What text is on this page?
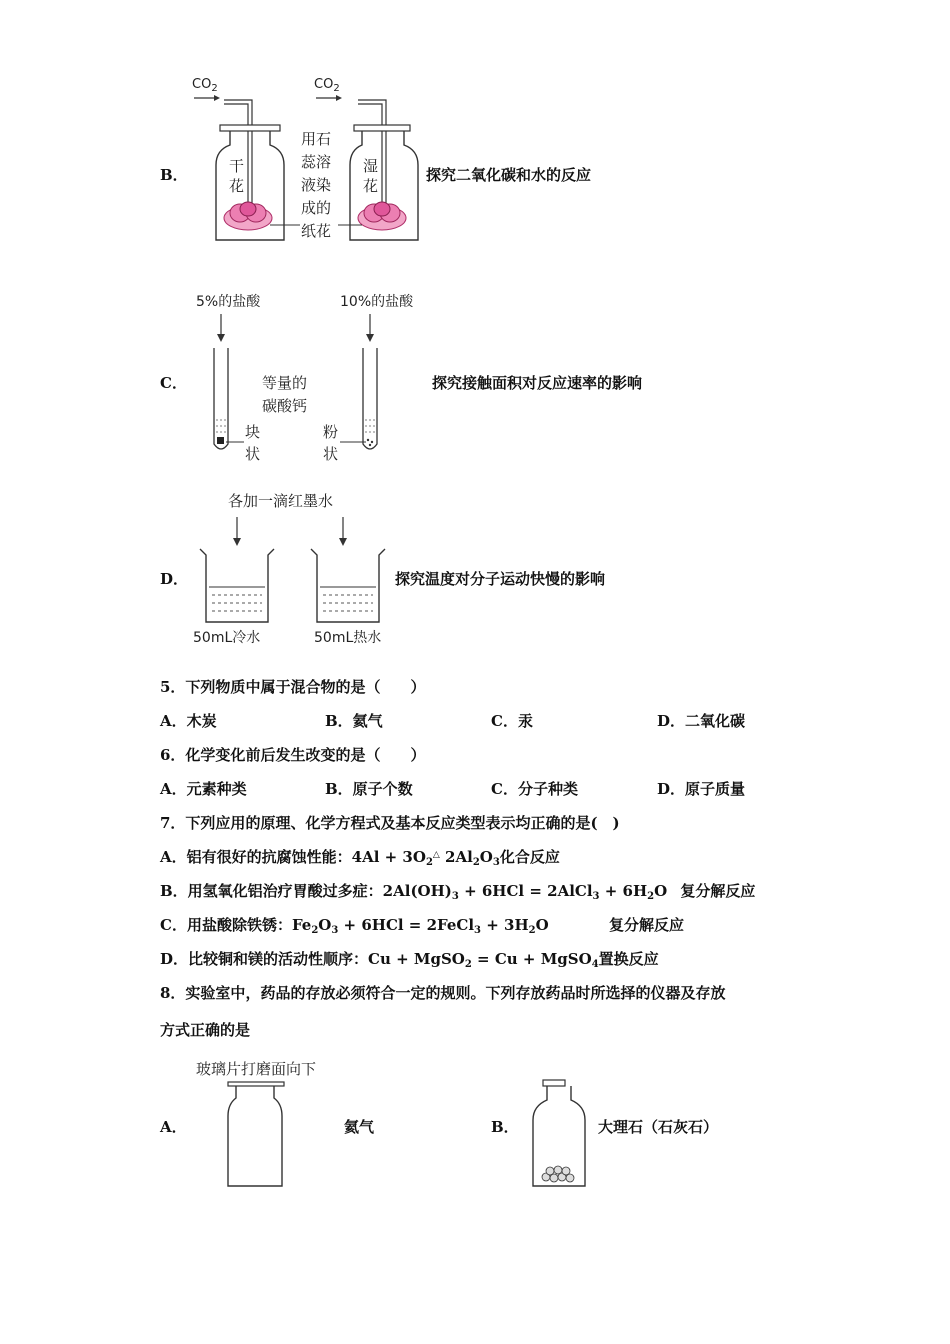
B．
$CO_2$	$CO_2$
干花
湿花
用石
蕊溶
液染
成的
纸花
探究二氧化碳和水的反应
C．
5%的盐酸	10%的盐酸
等量的
碳酸钙
块
状
粉
状
探究接触面积对反应速率的影响
D．
各加一滴红墨水
50mL冷水	50mL热水
探究温度对分子运动快慢的影响
5．下列物质中属于混合物的是（　　）
A．木炭	B．氦气	C．汞	D．二氧化碳
6．化学变化前后发生改变的是（　　）
A．元素种类	B．原子个数	C．分子种类	D．原子质量
7．下列应用的原理、化学方程式及基本反应类型表示均正确的是(　)
A．铝有很好的抗腐蚀性能：$4Al + 3O_2^\triangle$ $2Al_2O_3$化合反应
B．用氢氧化铝治疗胃酸过多症：$2Al(OH)_3 + 6HCl$ = 2AlCl$_3$ + $6H_2O$ 复分解反应
C．用盐酸除铁锈：$Fe_2O_3 + 6HCl$ = 2FeCl$_3$ + $3H_2O$	复分解反应
D．比较铜和镁的活动性顺序：Cu + MgSO$_2$ = Cu + MgSO$_4$置换反应
8．实验室中，药品的存放必须符合一定的规则。下列存放药品时所选择的仪器及存放
方式正确的是
玻璃片打磨面向下
A．	氦气	B．	大理石（石灰石）
